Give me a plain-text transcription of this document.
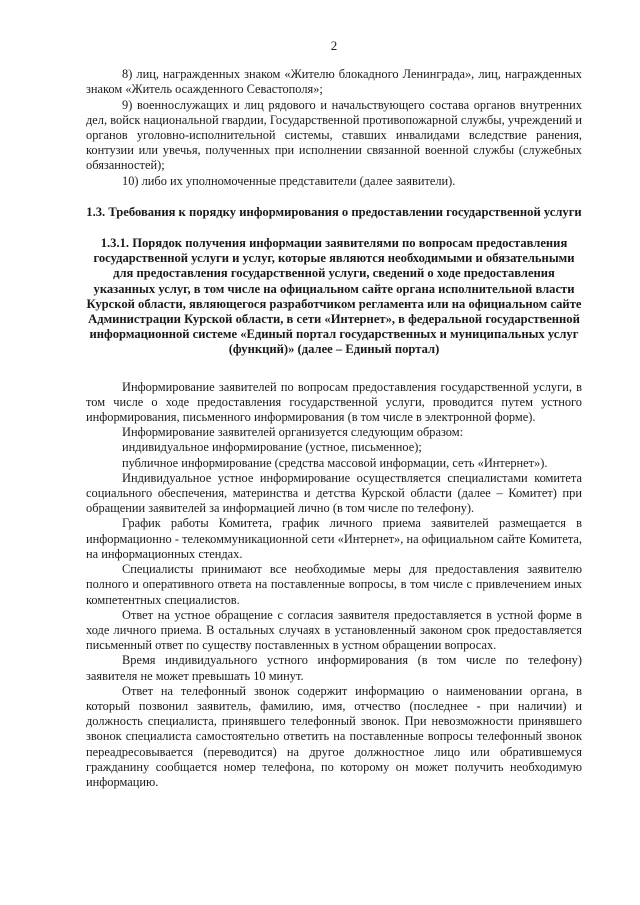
2

8) лиц, награжденных знаком «Жителю блокадного Ленинграда», лиц, награжденных знаком «Житель осажденного Севастополя»;

9) военнослужащих и лиц рядового и начальствующего состава органов внутренних дел, войск национальной гвардии, Государственной противопожарной службы, учреждений и органов уголовно-исполнительной системы, ставших инвалидами вследствие ранения, контузии или увечья, полученных при исполнении связанной военной службы (служебных обязанностей);

10) либо их уполномоченные представители (далее заявители).

1.3. Требования к порядку информирования о предоставлении государственной услуги

1.3.1. Порядок получения информации заявителями по вопросам предоставления государственной услуги и услуг, которые являются необходимыми и обязательными для предоставления государственной услуги, сведений о ходе предоставления указанных услуг, в том числе на официальном сайте органа исполнительной власти Курской области, являющегося разработчиком регламента или на официальном сайте Администрации Курской области, в сети «Интернет», в федеральной государственной информационной системе «Единый портал государственных и муниципальных услуг (функций)» (далее – Единый портал)

Информирование заявителей по вопросам предоставления государственной услуги, в том числе о ходе предоставления государственной услуги, проводится путем устного информирования, письменного информирования (в том числе в электронной форме).

Информирование заявителей организуется следующим образом:

индивидуальное информирование (устное, письменное);

публичное информирование (средства массовой информации, сеть «Интернет»).

Индивидуальное устное информирование осуществляется специалистами комитета социального обеспечения, материнства и детства Курской области (далее – Комитет) при обращении заявителей за информацией лично (в том числе по телефону).

График работы Комитета, график личного приема заявителей размещается в информационно - телекоммуникационной сети «Интернет», на официальном сайте Комитета, на информационных стендах.

Специалисты принимают все необходимые меры для предоставления заявителю полного и оперативного ответа на поставленные вопросы, в том числе с привлечением иных компетентных специалистов.

Ответ на устное обращение с согласия заявителя предоставляется в устной форме в ходе личного приема. В остальных случаях в установленный законом срок предоставляется письменный ответ по существу поставленных в устном обращении вопросах.

Время индивидуального устного информирования (в том числе по телефону) заявителя не может превышать 10 минут.

Ответ на телефонный звонок содержит информацию о наименовании органа, в который позвонил заявитель, фамилию, имя, отчество (последнее - при наличии) и должность специалиста, принявшего телефонный звонок. При невозможности принявшего звонок специалиста самостоятельно ответить на поставленные вопросы телефонный звонок переадресовывается (переводится) на другое должностное лицо или обратившемуся гражданину сообщается номер телефона, по которому он может получить необходимую информацию.
